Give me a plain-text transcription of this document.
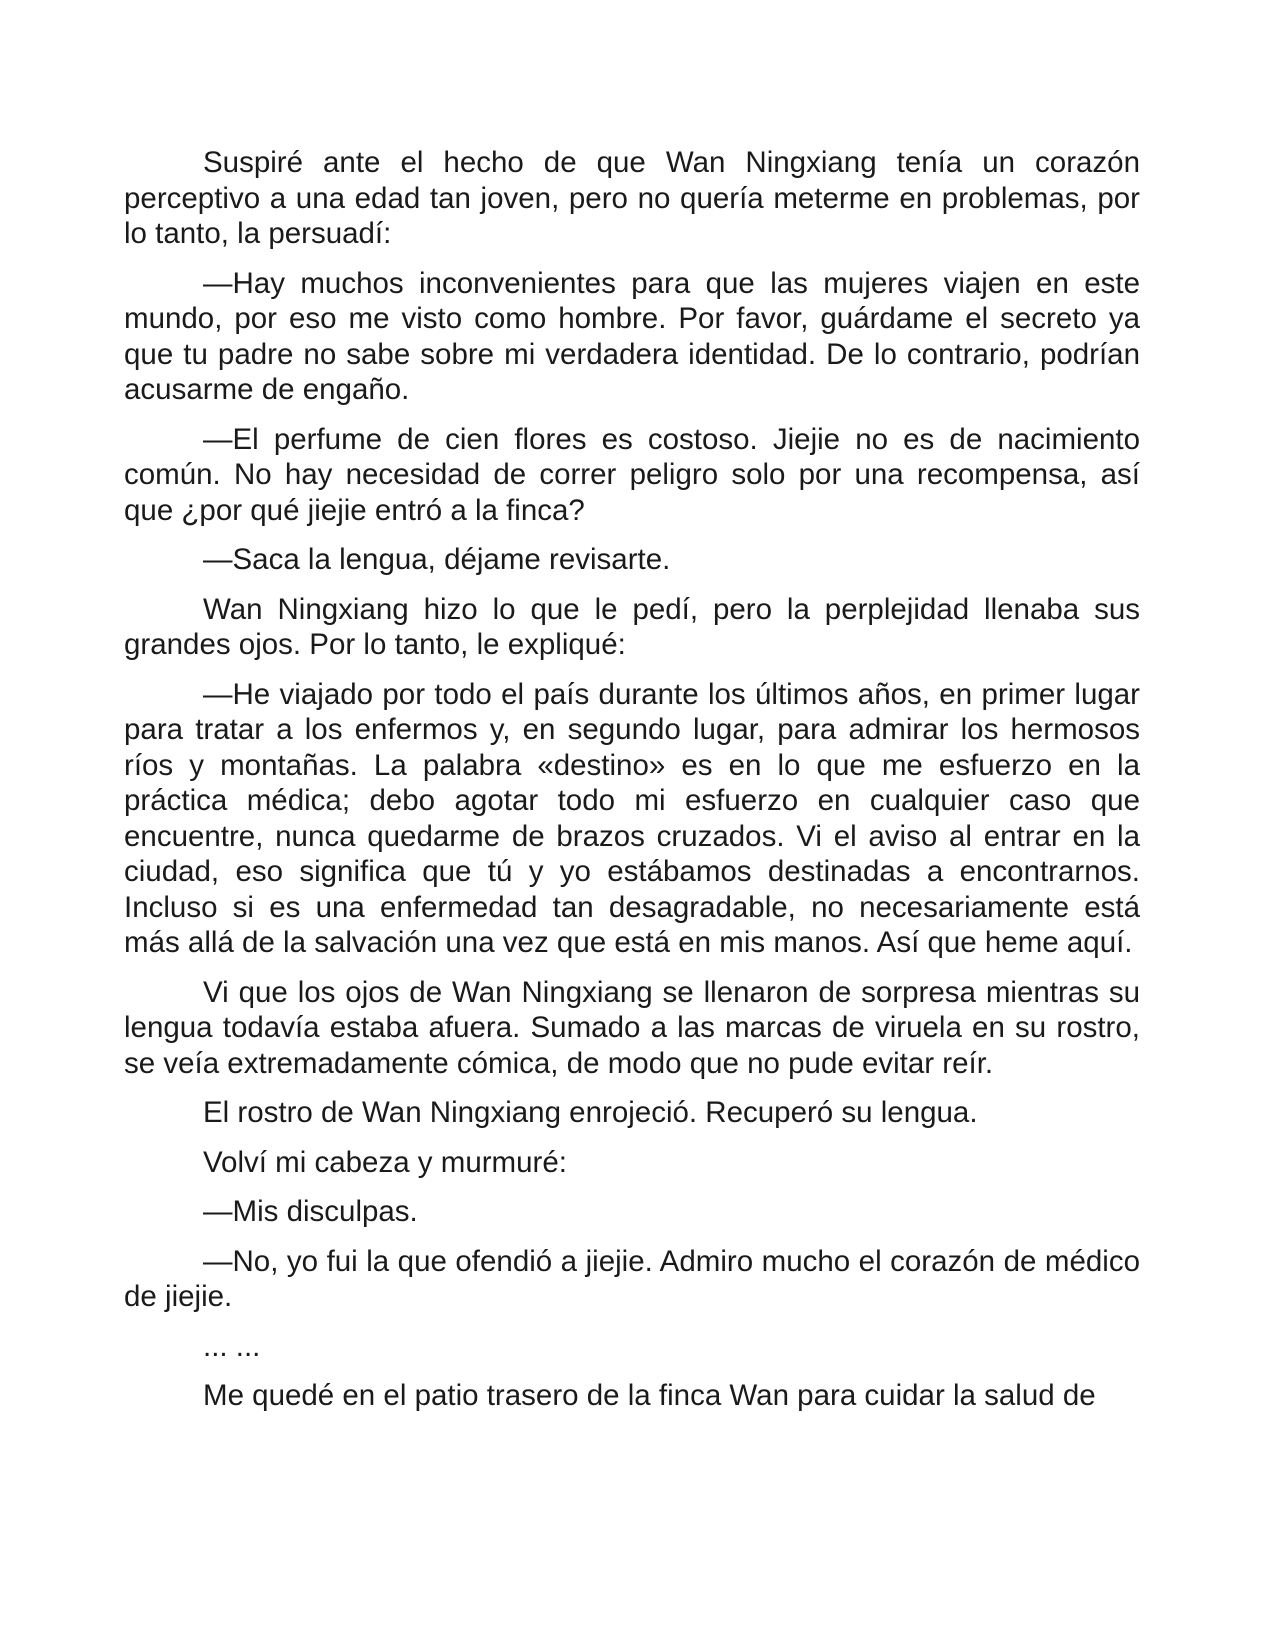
Suspiré ante el hecho de que Wan Ningxiang tenía un corazón perceptivo a una edad tan joven, pero no quería meterme en problemas, por lo tanto, la persuadí:

—Hay muchos inconvenientes para que las mujeres viajen en este mundo, por eso me visto como hombre. Por favor, guárdame el secreto ya que tu padre no sabe sobre mi verdadera identidad. De lo contrario, podrían acusarme de engaño.

—El perfume de cien flores es costoso. Jiejie no es de nacimiento común. No hay necesidad de correr peligro solo por una recompensa, así que ¿por qué jiejie entró a la finca?

—Saca la lengua, déjame revisarte.

Wan Ningxiang hizo lo que le pedí, pero la perplejidad llenaba sus grandes ojos. Por lo tanto, le expliqué:

—He viajado por todo el país durante los últimos años, en primer lugar para tratar a los enfermos y, en segundo lugar, para admirar los hermosos ríos y montañas. La palabra «destino» es en lo que me esfuerzo en la práctica médica; debo agotar todo mi esfuerzo en cualquier caso que encuentre, nunca quedarme de brazos cruzados. Vi el aviso al entrar en la ciudad, eso significa que tú y yo estábamos destinadas a encontrarnos. Incluso si es una enfermedad tan desagradable, no necesariamente está más allá de la salvación una vez que está en mis manos. Así que heme aquí.

Vi que los ojos de Wan Ningxiang se llenaron de sorpresa mientras su lengua todavía estaba afuera. Sumado a las marcas de viruela en su rostro, se veía extremadamente cómica, de modo que no pude evitar reír.

El rostro de Wan Ningxiang enrojeció. Recuperó su lengua.

Volví mi cabeza y murmuré:

—Mis disculpas.

—No, yo fui la que ofendió a jiejie. Admiro mucho el corazón de médico de jiejie.

... ...

Me quedé en el patio trasero de la finca Wan para cuidar la salud de
